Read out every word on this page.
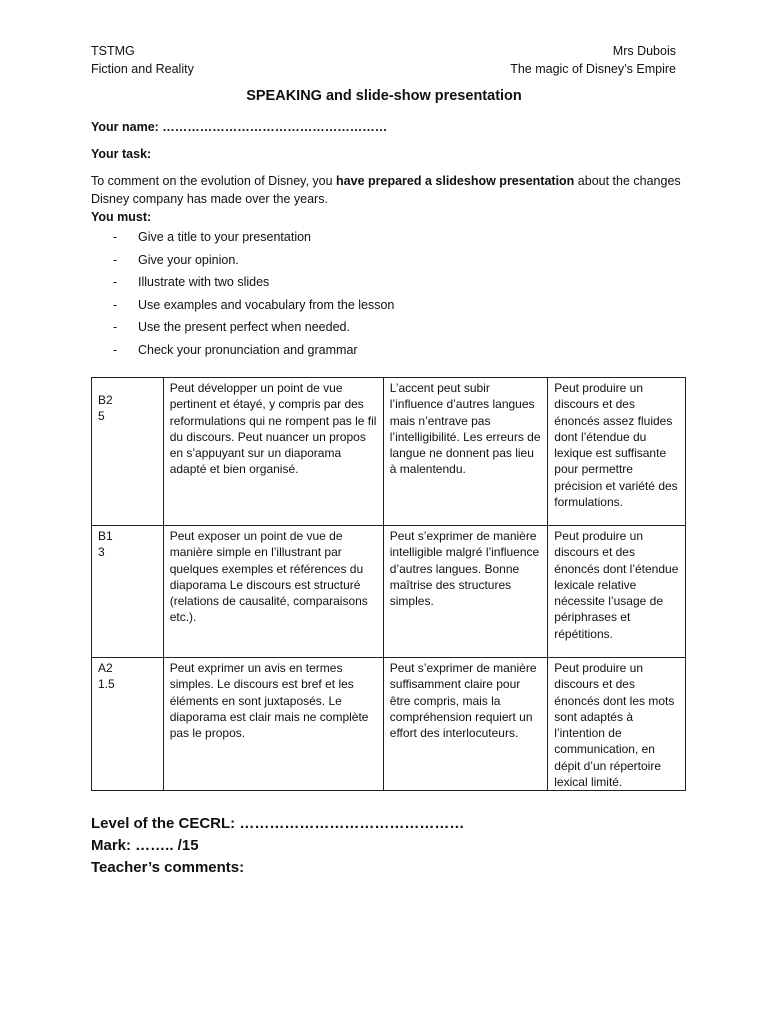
TSTMG
Fiction and Reality
Mrs Dubois
The magic of Disney’s Empire
SPEAKING and slide-show presentation
Your name: ………………………………………………
Your task:
To comment on the evolution of Disney, you have prepared a slideshow presentation about the changes Disney company has made over the years.
You must:
-	Give a title to your presentation
-	Give your opinion.
-	Illustrate with two slides
-	Use examples and vocabulary from the lesson
-	Use the present perfect when needed.
-	Check your pronunciation and grammar
B2
5	Peut développer un point de vue pertinent et étayé, y compris par des reformulations qui ne rompent pas le fil du discours. Peut nuancer un propos en s’appuyant sur un diaporama adapté et bien organisé.	L’accent peut subir l’influence d’autres langues mais n’entrave pas l’intelligibilité. Les erreurs de langue ne donnent pas lieu à malentendu.	Peut produire un discours et des énoncés assez fluides dont l’étendue du lexique est suffisante pour permettre précision et variété des formulations.

B1
3	Peut exposer un point de vue de manière simple en l’illustrant par quelques exemples et références du diaporama Le discours est structuré (relations de causalité, comparaisons etc.).	Peut s’exprimer de manière intelligible malgré l’influence d’autres langues. Bonne maîtrise des structures simples.	Peut produire un discours et des énoncés dont l’étendue lexicale relative nécessite l’usage de périphrases et répétitions.

A2
1.5	Peut exprimer un avis en termes simples. Le discours est bref et les éléments en sont juxtaposés. Le diaporama est clair mais ne complète pas le propos.	Peut s’exprimer de manière suffisamment claire pour être compris, mais la compréhension requiert un effort des interlocuteurs.	Peut produire un discours et des énoncés dont les mots sont adaptés à l’intention de communication, en dépit d’un répertoire lexical limité.
Level of the CECRL: ………………………………………
Mark: …….. /15
Teacher’s comments:
